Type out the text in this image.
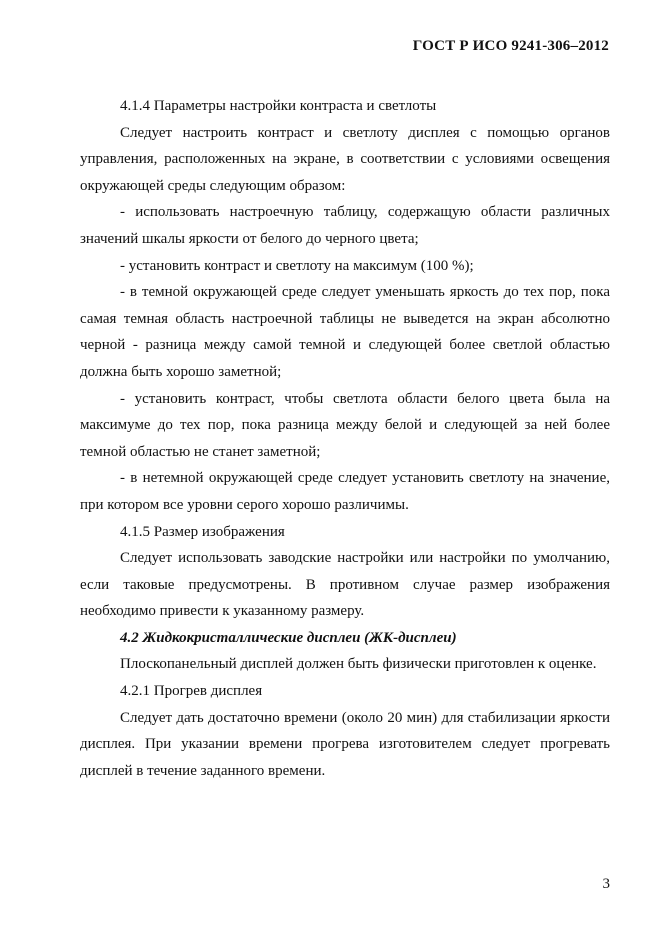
ГОСТ Р ИСО 9241-306–2012

4.1.4 Параметры настройки контраста и светлоты

Следует настроить контраст и светлоту дисплея с помощью органов управления, расположенных на экране, в соответствии с условиями освещения окружающей среды следующим образом:

- использовать настроечную таблицу, содержащую области различных значений шкалы яркости от белого до черного цвета;

- установить контраст и светлоту на максимум (100 %);

- в темной окружающей среде следует уменьшать яркость до тех пор, пока самая темная область настроечной таблицы не выведется на экран абсолютно черной - разница между самой темной и следующей более светлой областью должна быть хорошо заметной;

- установить контраст, чтобы светлота области белого цвета была на максимуме до тех пор, пока разница между белой и следующей за ней более темной областью не станет заметной;

- в нетемной окружающей среде следует установить светлоту на значение, при котором все уровни серого хорошо различимы.

4.1.5 Размер изображения

Следует использовать заводские настройки или настройки по умолчанию, если таковые предусмотрены. В противном случае размер изображения необходимо привести к указанному размеру.

4.2 Жидкокристаллические дисплеи (ЖК-дисплеи)

Плоскопанельный дисплей должен быть физически приготовлен к оценке.

4.2.1 Прогрев дисплея

Следует дать достаточно времени (около 20 мин) для стабилизации яркости дисплея. При указании времени прогрева изготовителем следует прогревать дисплей в течение заданного времени.

3
